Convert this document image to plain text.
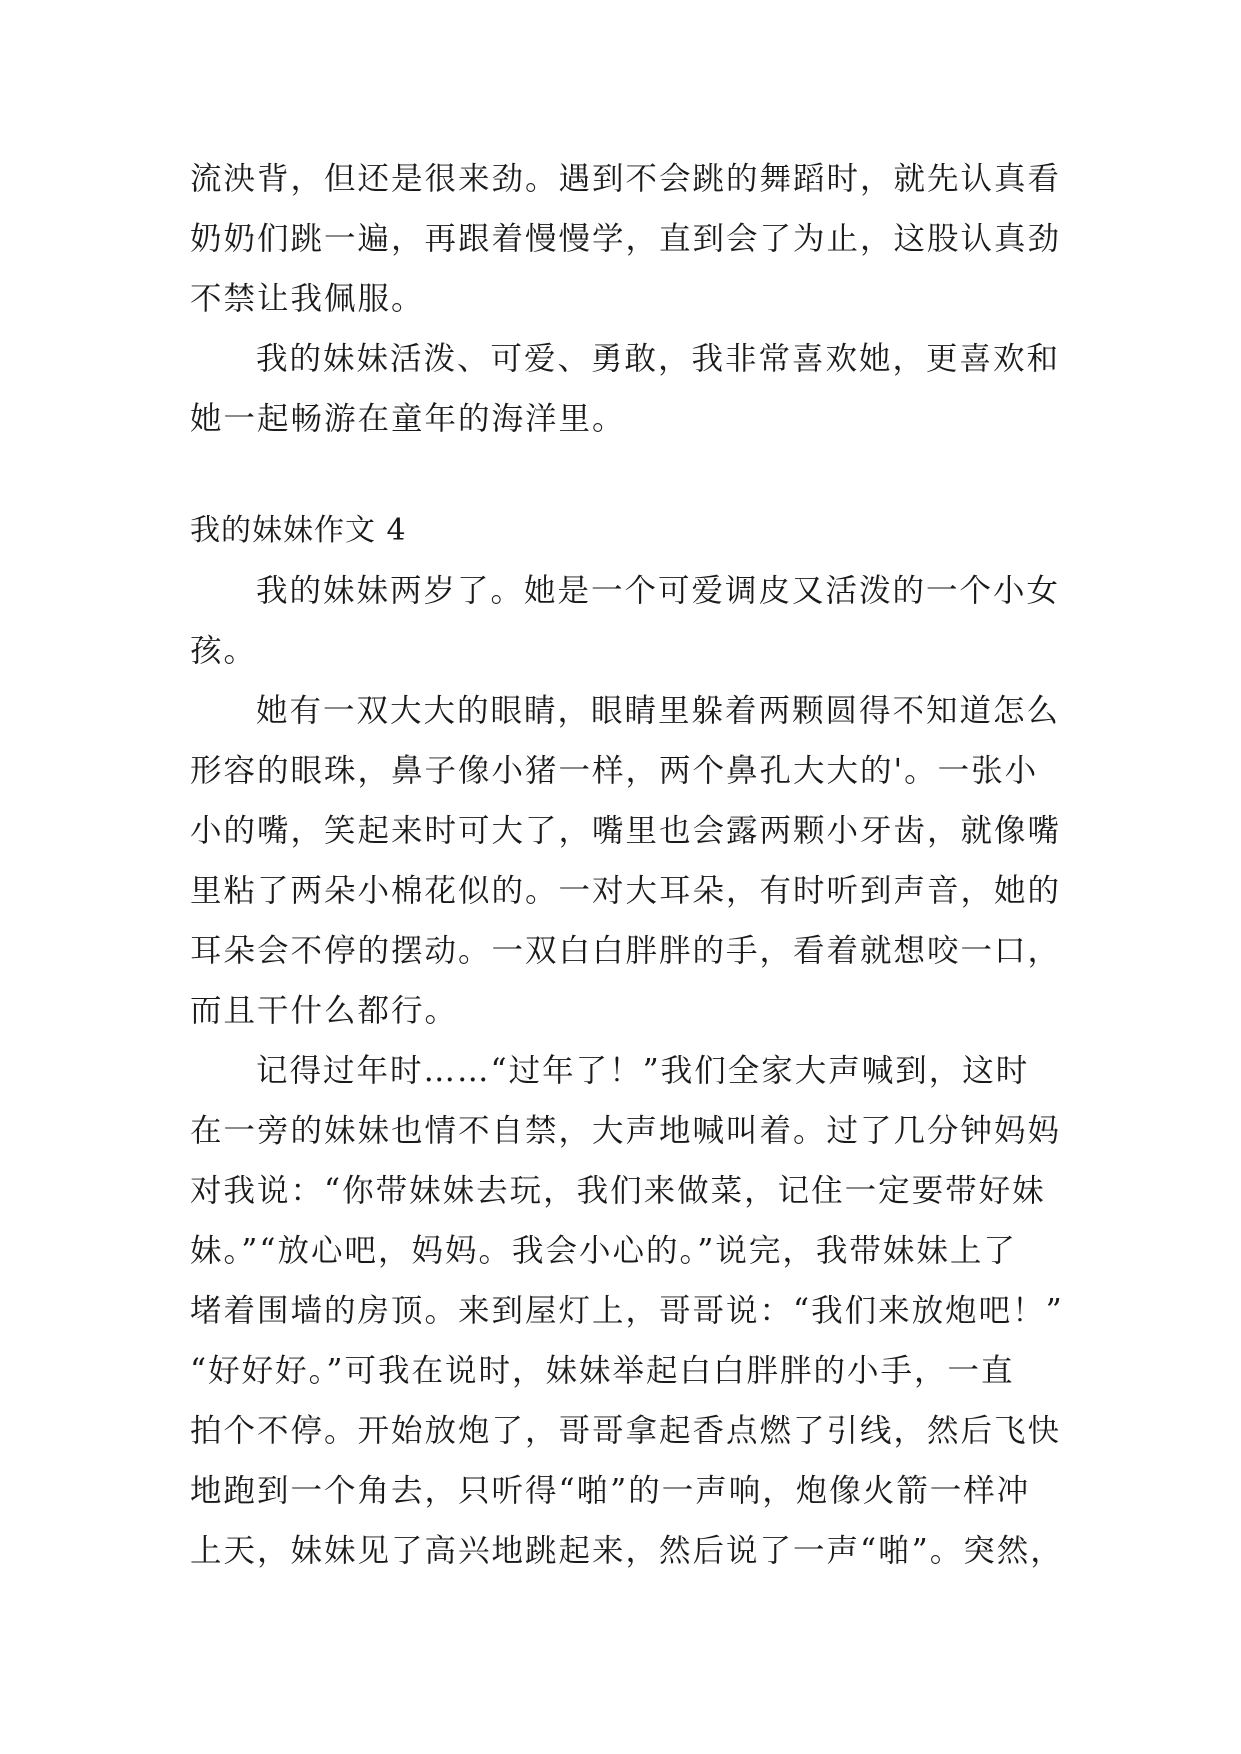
流泱背，但还是很来劲。遇到不会跳的舞蹈时，就先认真看
奶奶们跳一遍，再跟着慢慢学，直到会了为止，这股认真劲
不禁让我佩服。
我的妹妹活泼、可爱、勇敢，我非常喜欢她，更喜欢和
她一起畅游在童年的海洋里。
我的妹妹作文 4
我的妹妹两岁了。她是一个可爱调皮又活泼的一个小女
孩。
她有一双大大的眼睛，眼睛里躲着两颗圆得不知道怎么
形容的眼珠，鼻子像小猪一样，两个鼻孔大大的'。一张小
小的嘴，笑起来时可大了，嘴里也会露两颗小牙齿，就像嘴
里粘了两朵小棉花似的。一对大耳朵，有时听到声音，她的
耳朵会不停的摆动。一双白白胖胖的手，看着就想咬一口，
而且干什么都行。
记得过年时……“过年了！”我们全家大声喊到，这时
在一旁的妹妹也情不自禁，大声地喊叫着。过了几分钟妈妈
对我说：“你带妹妹去玩，我们来做菜，记住一定要带好妹
妹。”“放心吧，妈妈。我会小心的。”说完，我带妹妹上了
堵着围墙的房顶。来到屋灯上，哥哥说：“我们来放炮吧！”
“好好好。”可我在说时，妹妹举起白白胖胖的小手，一直
拍个不停。开始放炮了，哥哥拿起香点燃了引线，然后飞快
地跑到一个角去，只听得“啪”的一声响，炮像火箭一样冲
上天，妹妹见了高兴地跳起来，然后说了一声“啪”。突然，
